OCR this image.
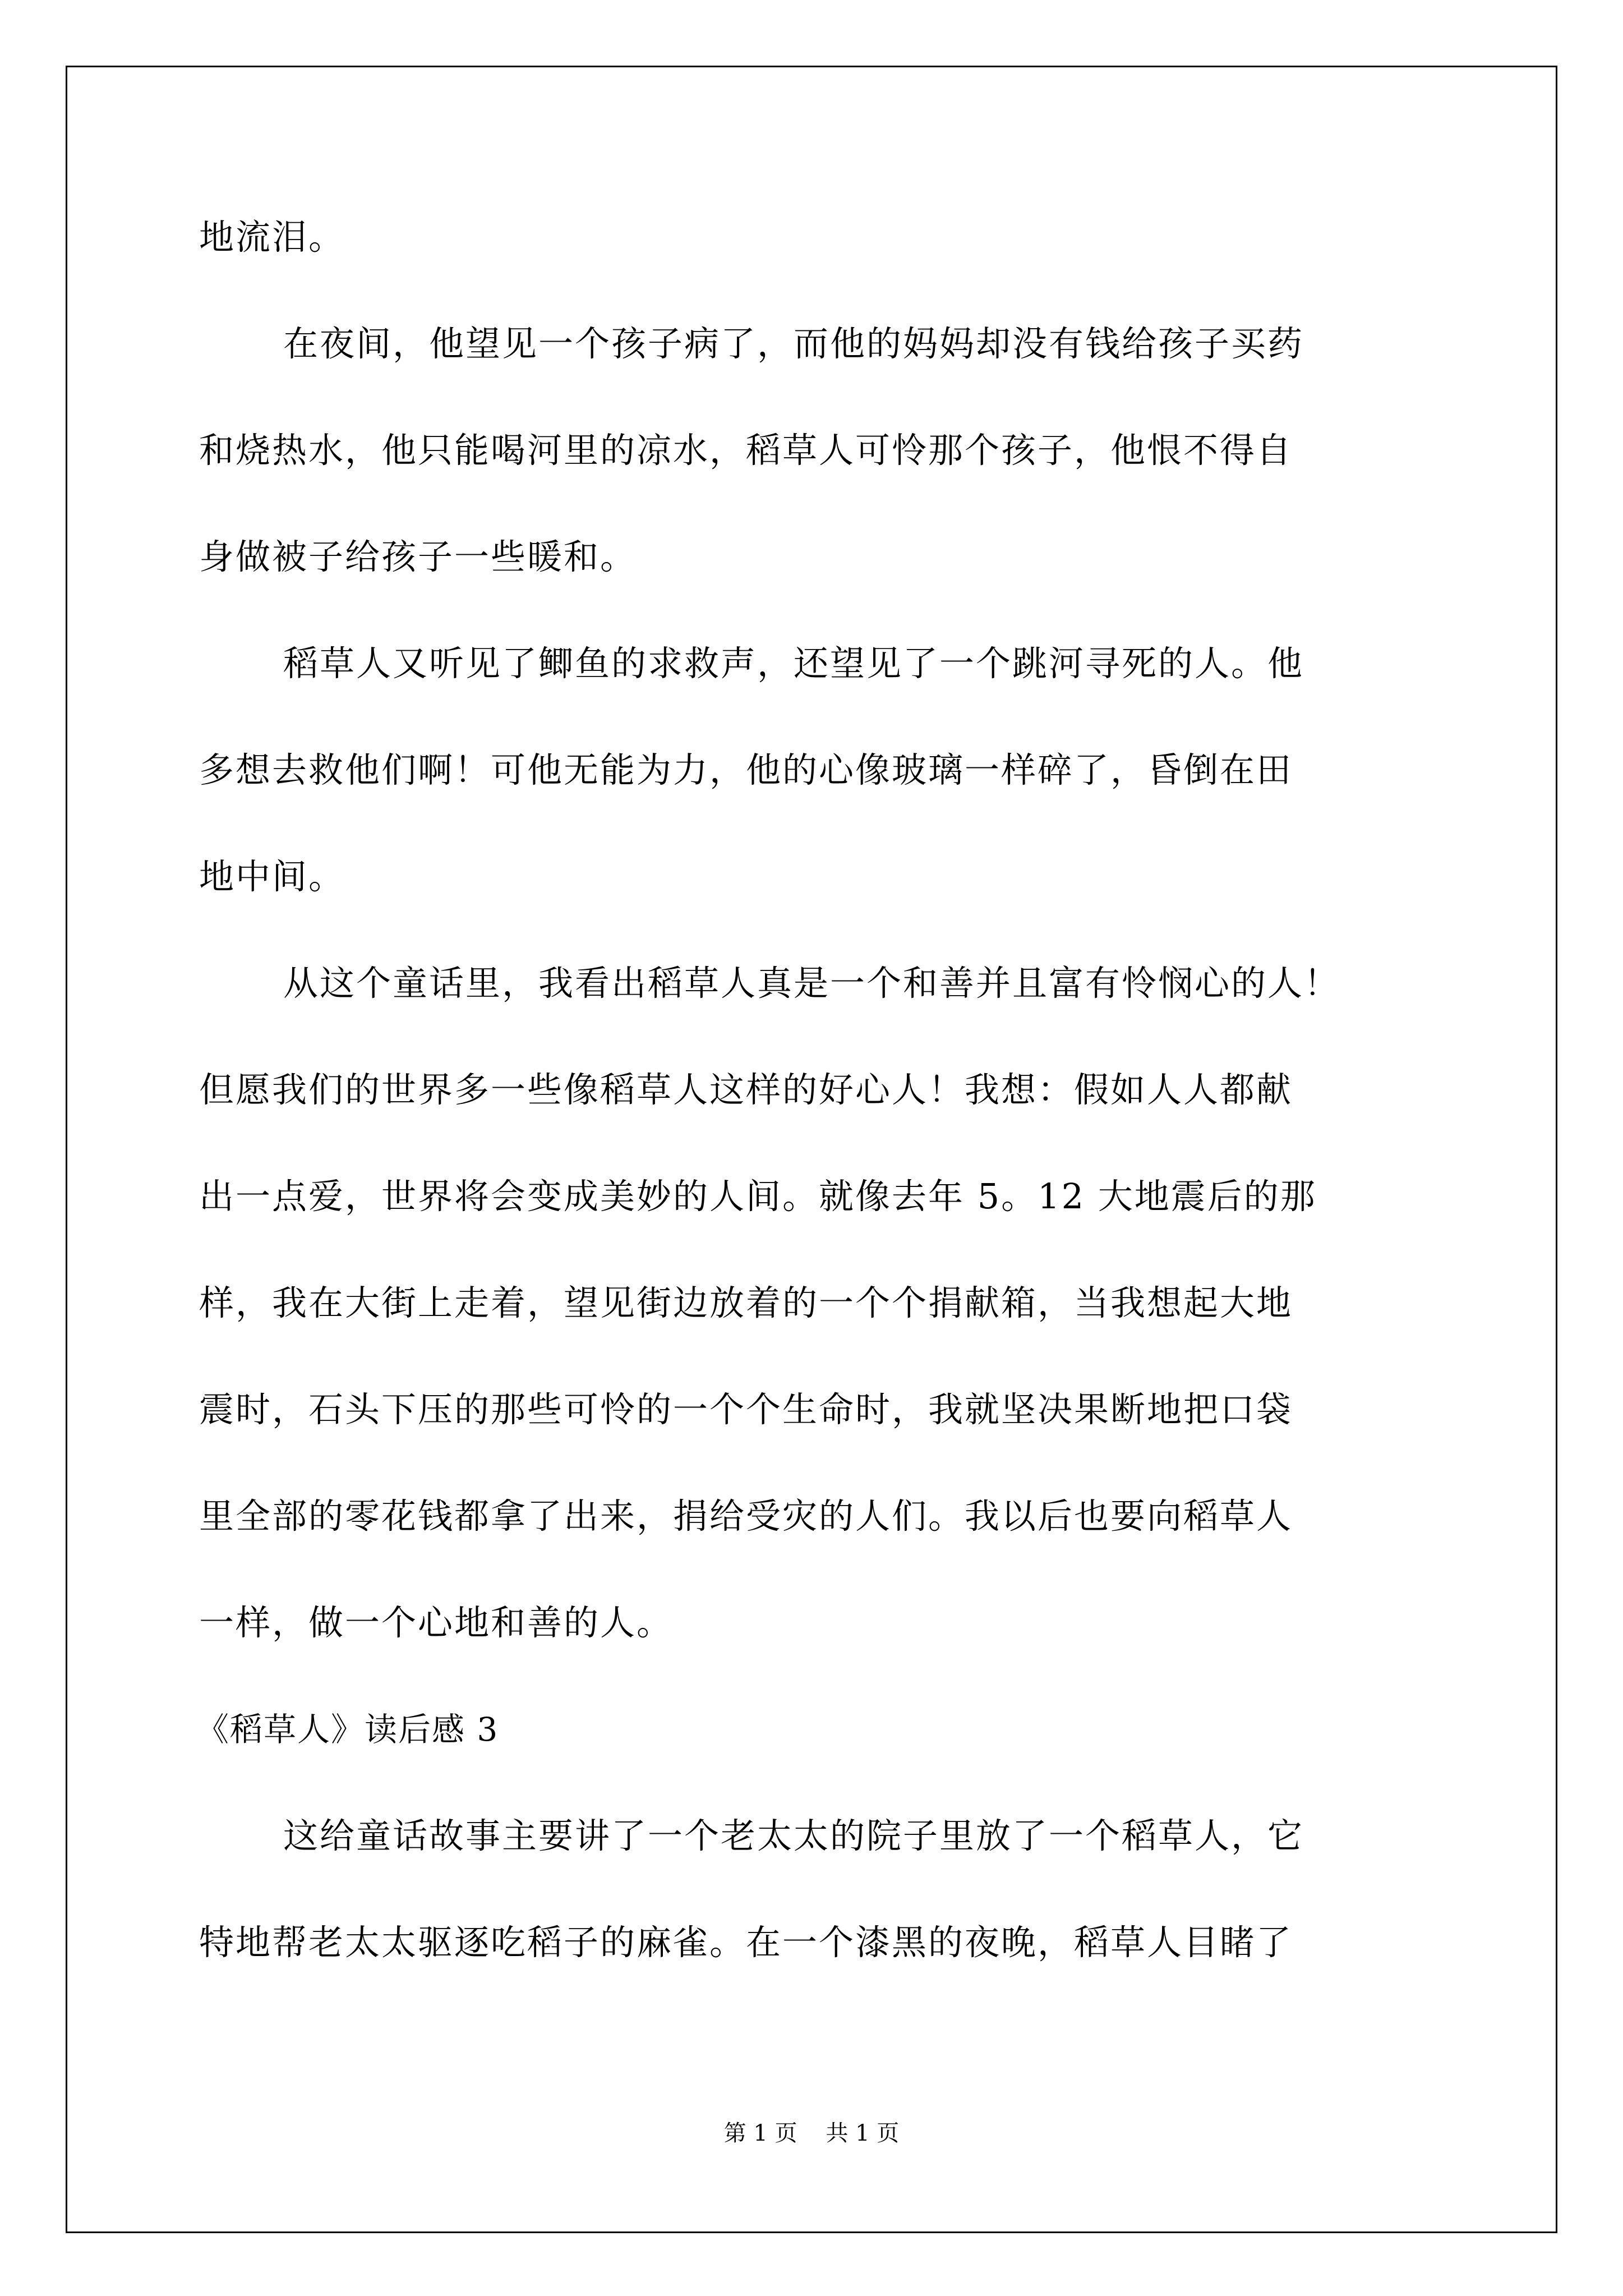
地流泪。
在夜间，他望见一个孩子病了，而他的妈妈却没有钱给孩子买药
和烧热水，他只能喝河里的凉水，稻草人可怜那个孩子，他恨不得自
身做被子给孩子一些暖和。
稻草人又听见了鲫鱼的求救声，还望见了一个跳河寻死的人。他
多想去救他们啊！可他无能为力，他的心像玻璃一样碎了，昏倒在田
地中间。
从这个童话里，我看出稻草人真是一个和善并且富有怜悯心的人！
但愿我们的世界多一些像稻草人这样的好心人！我想：假如人人都献
出一点爱，世界将会变成美妙的人间。就像去年 5。12 大地震后的那
样，我在大街上走着，望见街边放着的一个个捐献箱，当我想起大地
震时，石头下压的那些可怜的一个个生命时，我就坚决果断地把口袋
里全部的零花钱都拿了出来，捐给受灾的人们。我以后也要向稻草人
一样，做一个心地和善的人。
《稻草人》读后感 3
这给童话故事主要讲了一个老太太的院子里放了一个稻草人，它
特地帮老太太驱逐吃稻子的麻雀。在一个漆黑的夜晚，稻草人目睹了
第 1 页    共 1 页
